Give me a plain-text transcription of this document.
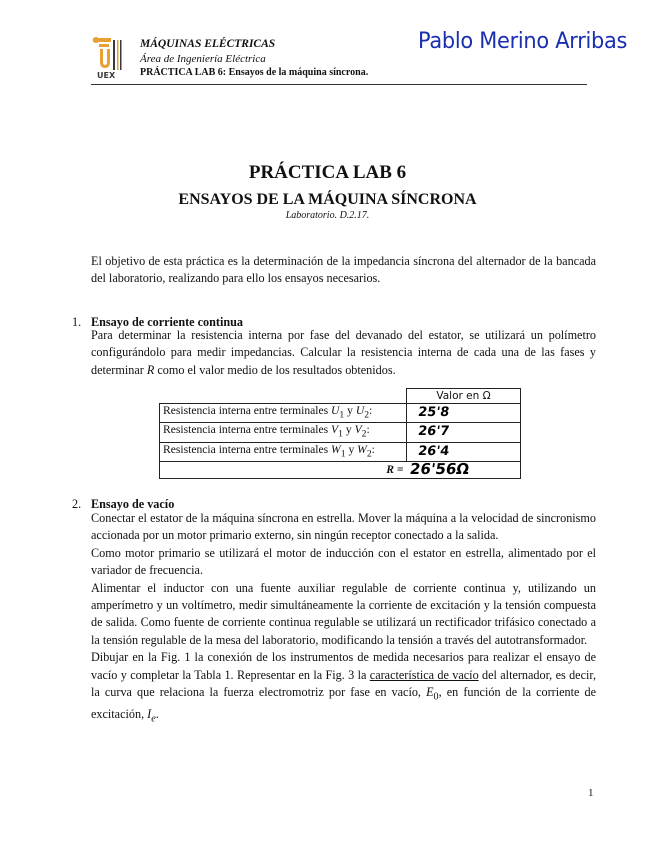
UEX
MÁQUINAS ELÉCTRICAS
Área de Ingeniería Eléctrica
PRÁCTICA LAB 6: Ensayos de la máquina síncrona.
Pablo Merino Arribas
PRÁCTICA LAB 6
ENSAYOS DE LA MÁQUINA SÍNCRONA
Laboratorio. D.2.17.
El objetivo de esta práctica es la determinación de la impedancia síncrona del alternador de la bancada del laboratorio, realizando para ello los ensayos necesarios.
1. Ensayo de corriente continua
Para determinar la resistencia interna por fase del devanado del estator, se utilizará un polímetro configurándolo para medir impedancias. Calcular la resistencia interna de cada una de las fases y determinar R como el valor medio de los resultados obtenidos.
	Valor en Ω
Resistencia interna entre terminales $U_1$ y $U_2$:	25'8
Resistencia interna entre terminales $V_1$ y $V_2$:	26'7
Resistencia interna entre terminales $W_1$ y $W_2$:	26'4
R =	26'56Ω
2. Ensayo de vacío

Conectar el estator de la máquina síncrona en estrella. Mover la máquina a la velocidad de sincronismo accionada por un motor primario externo, sin ningún receptor conectado a la salida.

Como motor primario se utilizará el motor de inducción con el estator en estrella, alimentado por el variador de frecuencia.

Alimentar el inductor con una fuente auxiliar regulable de corriente continua y, utilizando un amperímetro y un voltímetro, medir simultáneamente la corriente de excitación y la tensión compuesta de salida. Como fuente de corriente continua regulable se utilizará un rectificador trifásico conectado a la tensión regulable de la mesa del laboratorio, modificando la tensión a través del autotransformador.

Dibujar en la Fig. 1 la conexión de los instrumentos de medida necesarios para realizar el ensayo de vacío y completar la Tabla 1. Representar en la Fig. 3 la característica de vacío del alternador, es decir, la curva que relaciona la fuerza electromotriz por fase en vacío, $E_0$, en función de la corriente de excitación, $I_e$.

1
